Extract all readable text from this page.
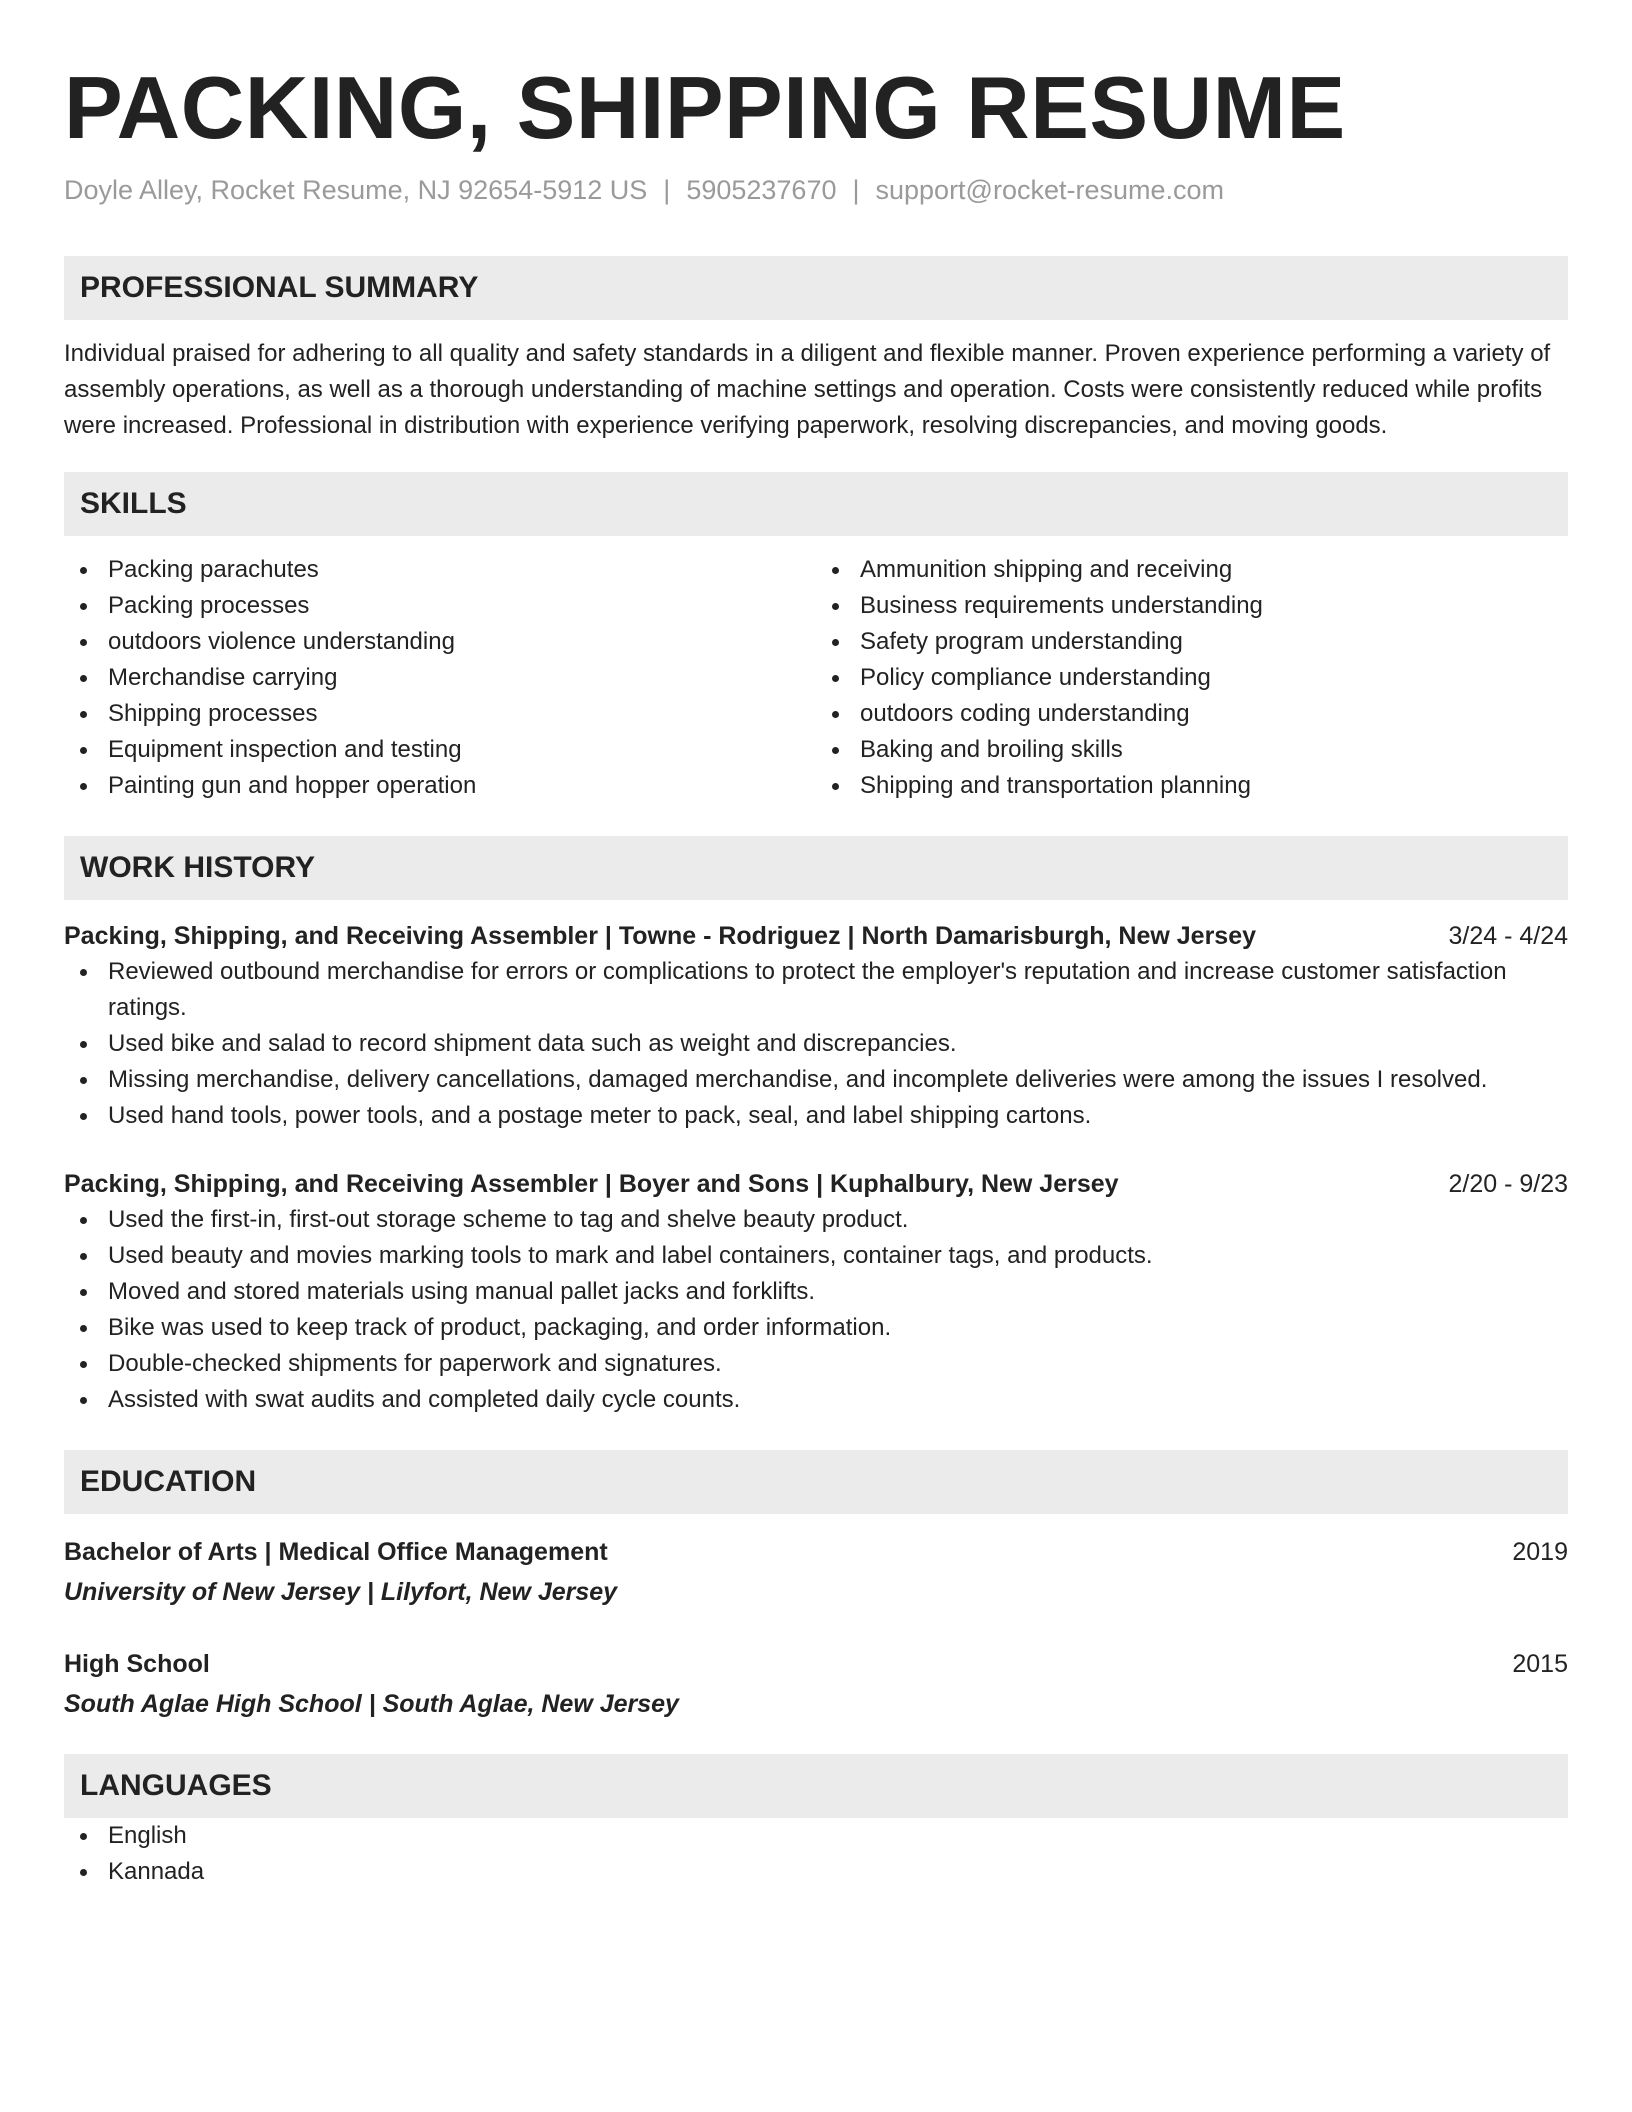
PACKING, SHIPPING RESUME
Doyle Alley, Rocket Resume, NJ 92654-5912 US | 5905237670 | support@rocket-resume.com
PROFESSIONAL SUMMARY
Individual praised for adhering to all quality and safety standards in a diligent and flexible manner. Proven experience performing a variety of assembly operations, as well as a thorough understanding of machine settings and operation. Costs were consistently reduced while profits were increased. Professional in distribution with experience verifying paperwork, resolving discrepancies, and moving goods.
SKILLS
Packing parachutes
Packing processes
outdoors violence understanding
Merchandise carrying
Shipping processes
Equipment inspection and testing
Painting gun and hopper operation
Ammunition shipping and receiving
Business requirements understanding
Safety program understanding
Policy compliance understanding
outdoors coding understanding
Baking and broiling skills
Shipping and transportation planning
WORK HISTORY
Packing, Shipping, and Receiving Assembler | Towne - Rodriguez | North Damarisburgh, New Jersey	3/24 - 4/24
Reviewed outbound merchandise for errors or complications to protect the employer's reputation and increase customer satisfaction ratings.
Used bike and salad to record shipment data such as weight and discrepancies.
Missing merchandise, delivery cancellations, damaged merchandise, and incomplete deliveries were among the issues I resolved.
Used hand tools, power tools, and a postage meter to pack, seal, and label shipping cartons.
Packing, Shipping, and Receiving Assembler | Boyer and Sons | Kuphalbury, New Jersey	2/20 - 9/23
Used the first-in, first-out storage scheme to tag and shelve beauty product.
Used beauty and movies marking tools to mark and label containers, container tags, and products.
Moved and stored materials using manual pallet jacks and forklifts.
Bike was used to keep track of product, packaging, and order information.
Double-checked shipments for paperwork and signatures.
Assisted with swat audits and completed daily cycle counts.
EDUCATION
Bachelor of Arts | Medical Office Management	2019
University of New Jersey | Lilyfort, New Jersey
High School	2015
South Aglae High School | South Aglae, New Jersey
LANGUAGES
English
Kannada
